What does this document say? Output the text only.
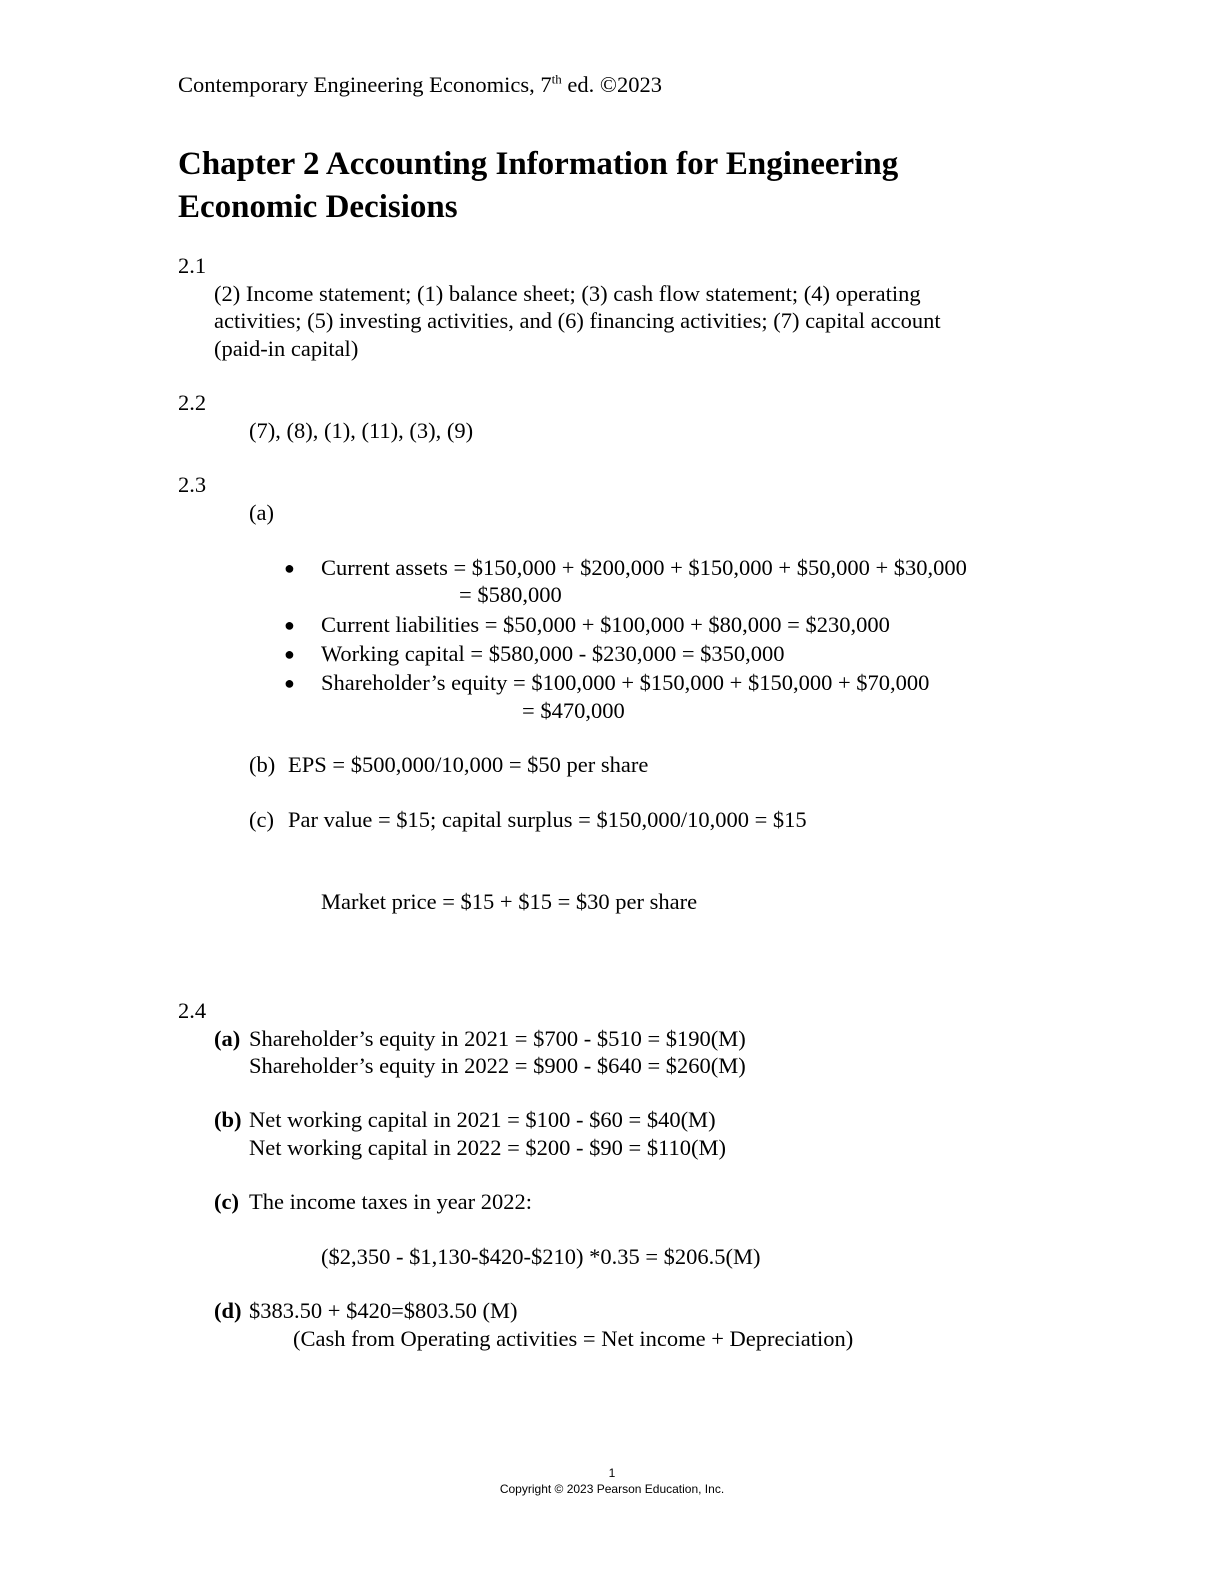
Contemporary Engineering Economics, 7th ed. ©2023
Chapter 2 Accounting Information for Engineering
Economic Decisions
2.1
(2) Income statement; (1) balance sheet; (3) cash flow statement; (4) operating
activities; (5) investing activities, and (6) financing activities; (7) capital account
(paid-in capital)
2.2
(7), (8), (1), (11), (3), (9)
2.3
(a)
● Current assets = $150,000 + $200,000 + $150,000 + $50,000 + $30,000
= $580,000
● Current liabilities = $50,000 + $100,000 + $80,000 = $230,000
● Working capital = $580,000 - $230,000 = $350,000
● Shareholder’s equity = $100,000 + $150,000 + $150,000 + $70,000
= $470,000
(b) EPS = $500,000/10,000 = $50 per share
(c) Par value = $15; capital surplus = $150,000/10,000 = $15
Market price = $15 + $15 = $30 per share
2.4
(a) Shareholder’s equity in 2021 = $700 - $510 = $190(M)
Shareholder’s equity in 2022 = $900 - $640 = $260(M)
(b) Net working capital in 2021 = $100 - $60 = $40(M)
Net working capital in 2022 = $200 - $90 = $110(M)
(c) The income taxes in year 2022:
($2,350 - $1,130-$420-$210) *0.35 = $206.5(M)
(d) $383.50 + $420=$803.50 (M)
(Cash from Operating activities = Net income + Depreciation)
1
Copyright © 2023 Pearson Education, Inc.
